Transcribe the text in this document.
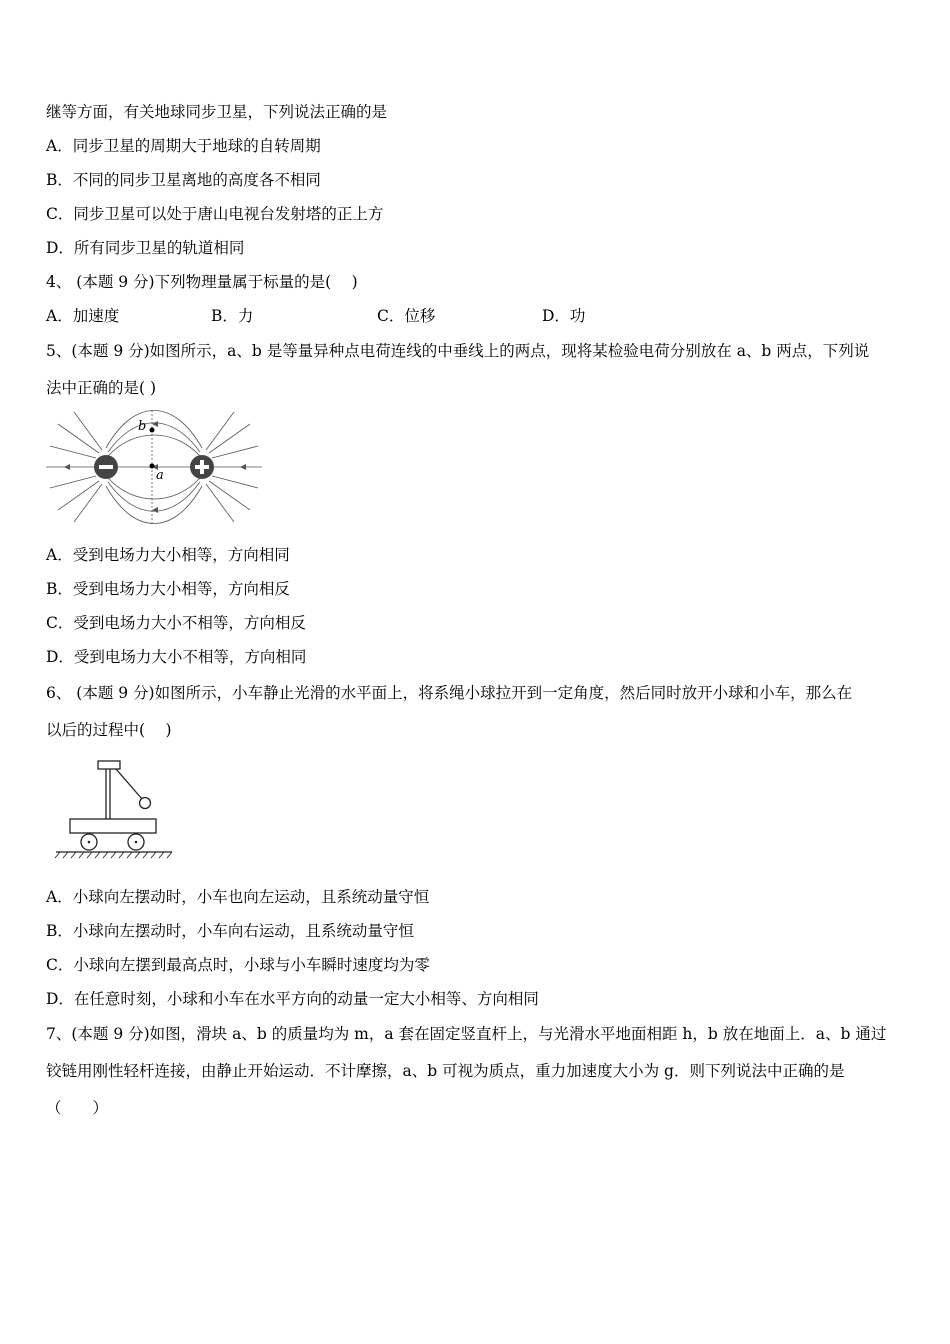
继等方面，有关地球同步卫星，下列说法正确的是
A．同步卫星的周期大于地球的自转周期
B．不同的同步卫星离地的高度各不相同
C．同步卫星可以处于唐山电视台发射塔的正上方
D．所有同步卫星的轨道相同
4、 (本题 9 分)下列物理量属于标量的是(　 )
A．加速度	B．力	C．位移	D．功
5、(本题 9 分)如图所示，a、b 是等量异种点电荷连线的中垂线上的两点，现将某检验电荷分别放在 a、b 两点，下列说
法中正确的是( )
b
a
A．受到电场力大小相等，方向相同
B．受到电场力大小相等，方向相反
C．受到电场力大小不相等，方向相反
D．受到电场力大小不相等，方向相同
6、 (本题 9 分)如图所示，小车静止光滑的水平面上，将系绳小球拉开到一定角度，然后同时放开小球和小车，那么在
以后的过程中(　 )
A．小球向左摆动时，小车也向左运动，且系统动量守恒
B．小球向左摆动时，小车向右运动，且系统动量守恒
C．小球向左摆到最高点时，小球与小车瞬时速度均为零
D．在任意时刻，小球和小车在水平方向的动量一定大小相等、方向相同
7、(本题 9 分)如图，滑块 a、b 的质量均为 m，a 套在固定竖直杆上，与光滑水平地面相距 h，b 放在地面上．a、b 通过
铰链用刚性轻杆连接，由静止开始运动．不计摩擦，a、b 可视为质点，重力加速度大小为 g．则下列说法中正确的是
（　　）
